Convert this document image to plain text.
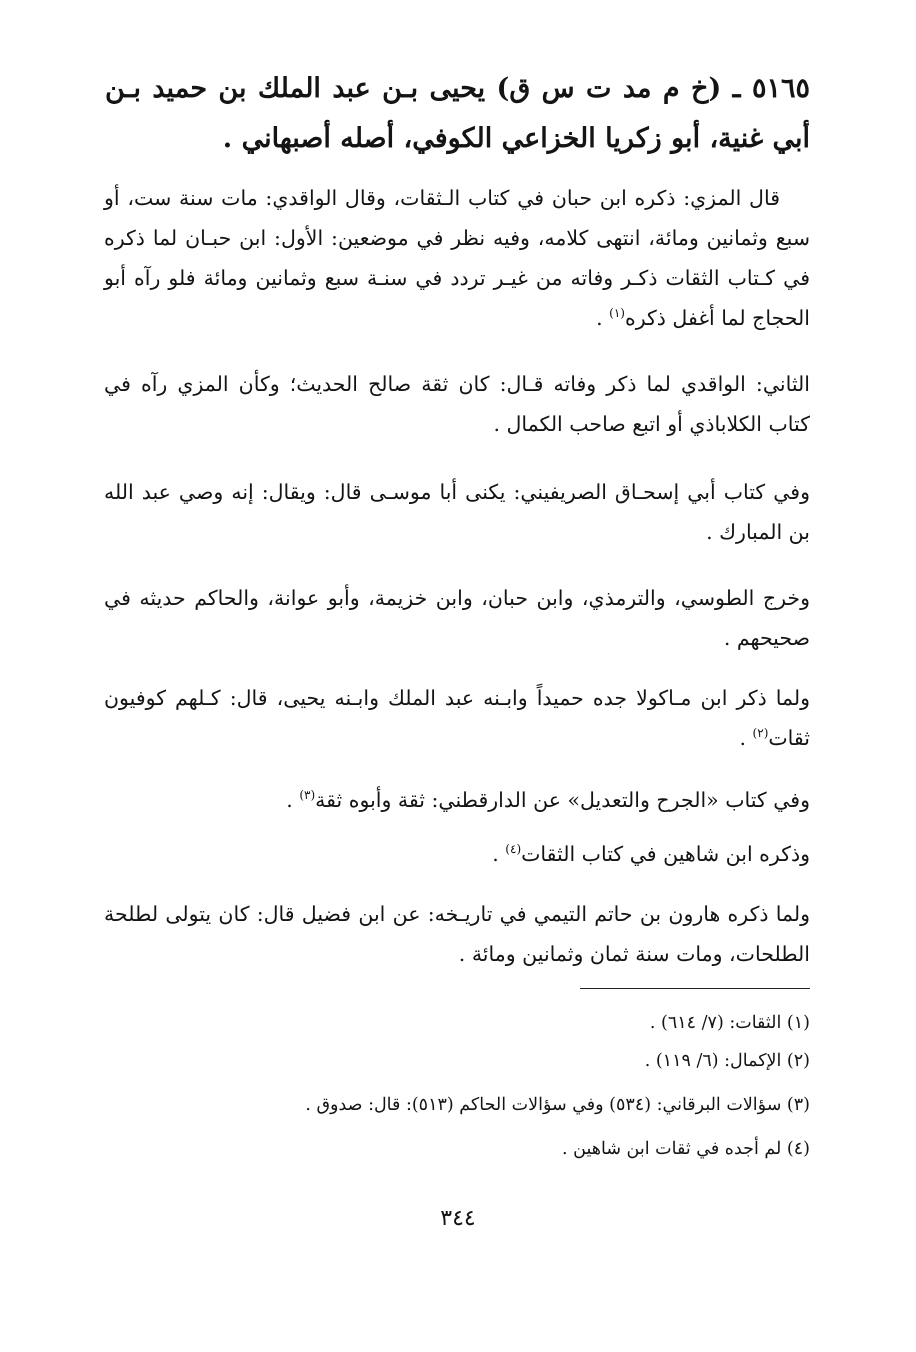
٥١٦٥ ـ (خ م مد ت س ق) يحيى بـن عبد الملك بن حميد بـن أبي غنية، أبو زكريا الخزاعي الكوفي، أصله أصبهاني .

قال المزي: ذكره ابن حبان في كتاب الـثقات، وقال الواقدي: مات سنة ست، أو سبع وثمانين ومائة، انتهى كلامه، وفيه نظر في موضعين: الأول: ابن حبـان لما ذكره في كـتاب الثقات ذكـر وفاته من غيـر تردد في سنـة سبع وثمانين ومائة فلو رآه أبو الحجاج لما أغفل ذكره$^{(١)}$ .

الثاني: الواقدي لما ذكر وفاته قـال: كان ثقة صالح الحديث؛ وكأن المزي رآه في كتاب الكلاباذي أو اتبع صاحب الكمال .

وفي كتاب أبي إسحـاق الصريفيني: يكنى أبا موسـى قال: ويقال: إنه وصي عبد الله بن المبارك .

وخرج الطوسي، والترمذي، وابن حبان، وابن خزيمة، وأبو عوانة، والحاكم حديثه في صحيحهم .

ولما ذكر ابن مـاكولا جده حميداً وابـنه عبد الملك وابـنه يحيى، قال: كـلهم كوفيون ثقات$^{(٢)}$ .

وفي كتاب «الجرح والتعديل» عن الدارقطني: ثقة وأبوه ثقة$^{(٣)}$ .

وذكره ابن شاهين في كتاب الثقات$^{(٤)}$ .

ولما ذكره هارون بن حاتم التيمي في تاريـخه: عن ابن فضيل قال: كان يتولى لطلحة الطلحات، ومات سنة ثمان وثمانين ومائة .

(١) الثقات: (٧/ ٦١٤) .

(٢) الإكمال: (٦/ ١١٩) .

(٣) سؤالات البرقاني: (٥٣٤) وفي سؤالات الحاكم (٥١٣): قال: صدوق .

(٤) لم أجده في ثقات ابن شاهين .

٣٤٤
